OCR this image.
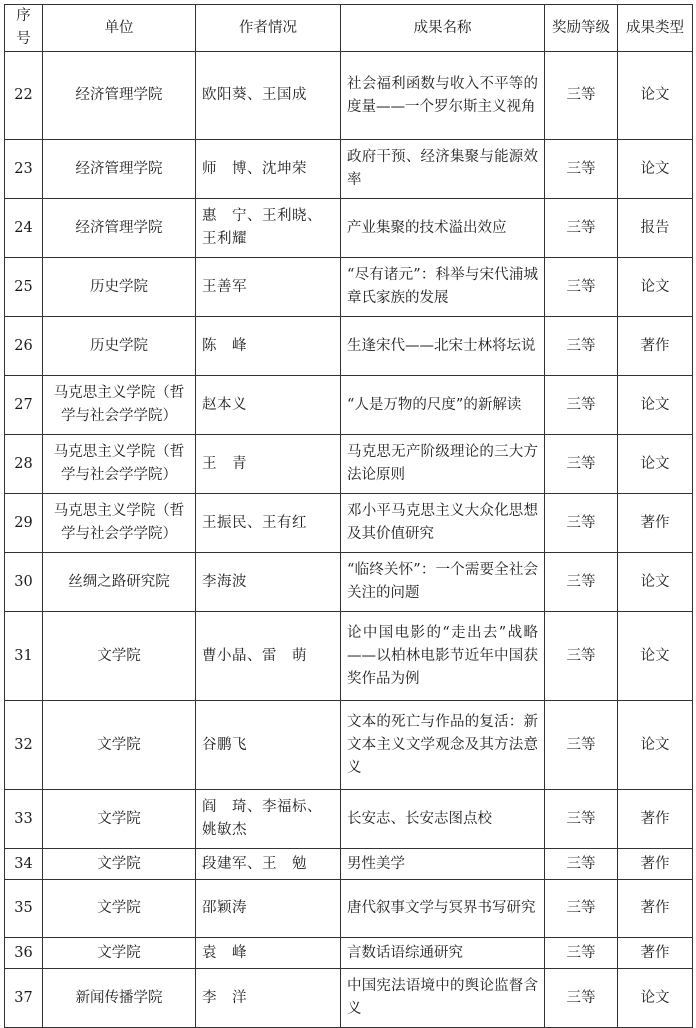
序号	单位	作者情况	成果名称	奖励等级	成果类型
22	经济管理学院	欧阳葵、王国成	社会福利函数与收入不平等的度量——一个罗尔斯主义视角	三等	论文
23	经济管理学院	师　博、沈坤荣	政府干预、经济集聚与能源效率	三等	论文
24	经济管理学院	惠　宁、王利晓、王利耀	产业集聚的技术溢出效应	三等	报告
25	历史学院	王善军	“尽有诸元”：科举与宋代浦城章氏家族的发展	三等	论文
26	历史学院	陈　峰	生逢宋代——北宋士林将坛说	三等	著作
27	马克思主义学院（哲学与社会学学院）	赵本义	“人是万物的尺度”的新解读	三等	论文
28	马克思主义学院（哲学与社会学学院）	王　青	马克思无产阶级理论的三大方法论原则	三等	论文
29	马克思主义学院（哲学与社会学学院）	王振民、王有红	邓小平马克思主义大众化思想及其价值研究	三等	著作
30	丝绸之路研究院	李海波	“临终关怀”：一个需要全社会关注的问题	三等	论文
31	文学院	曹小晶、雷　萌	论中国电影的“走出去”战略——以柏林电影节近年中国获奖作品为例	三等	论文
32	文学院	谷鹏飞	文本的死亡与作品的复活：新文本主义文学观念及其方法意义	三等	论文
33	文学院	阎　琦、李福标、姚敏杰	长安志、长安志图点校	三等	著作
34	文学院	段建军、王　勉	男性美学	三等	著作
35	文学院	邵颖涛	唐代叙事文学与冥界书写研究	三等	著作
36	文学院	袁　峰	言数话语综通研究	三等	著作
37	新闻传播学院	李　洋	中国宪法语境中的舆论监督含义	三等	论文
